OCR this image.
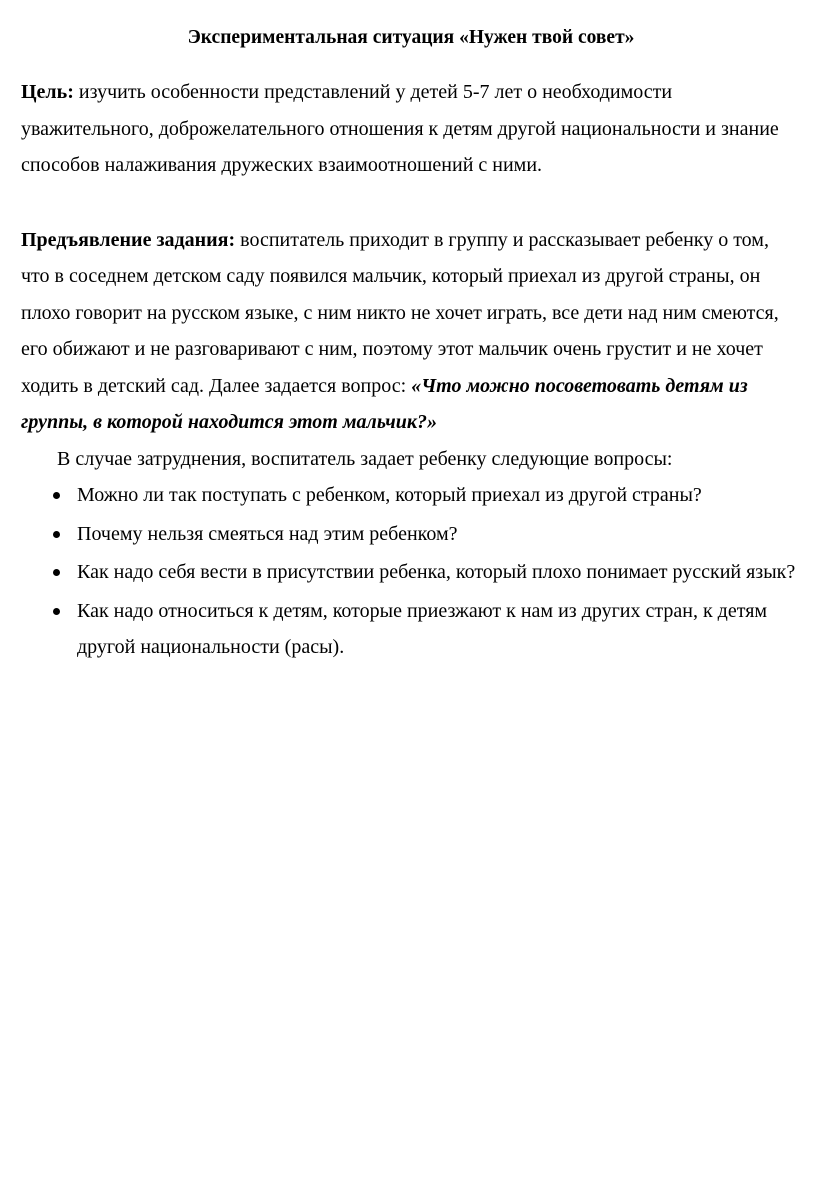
Экспериментальная ситуация «Нужен твой совет»

Цель: изучить особенности представлений у детей 5-7 лет о необходимости уважительного, доброжелательного отношения к детям другой национальности и знание способов налаживания дружеских взаимоотношений с ними.

Предъявление задания: воспитатель приходит в группу и рассказывает ребенку о том, что в соседнем детском саду появился мальчик, который приехал из другой страны, он плохо говорит на русском языке, с ним никто не хочет играть, все дети над ним смеются, его обижают и не разговаривают с ним, поэтому этот мальчик очень грустит и не хочет ходить в детский сад. Далее задается вопрос: «Что можно посоветовать детям из группы, в которой находится этот мальчик?»

В случае затруднения, воспитатель задает ребенку следующие вопросы:

Можно ли так поступать с ребенком, который приехал из другой страны?
Почему нельзя смеяться над этим ребенком?
Как надо себя вести в присутствии ребенка, который плохо понимает русский язык?
Как надо относиться к детям, которые приезжают к нам из других стран, к детям другой национальности (расы).
